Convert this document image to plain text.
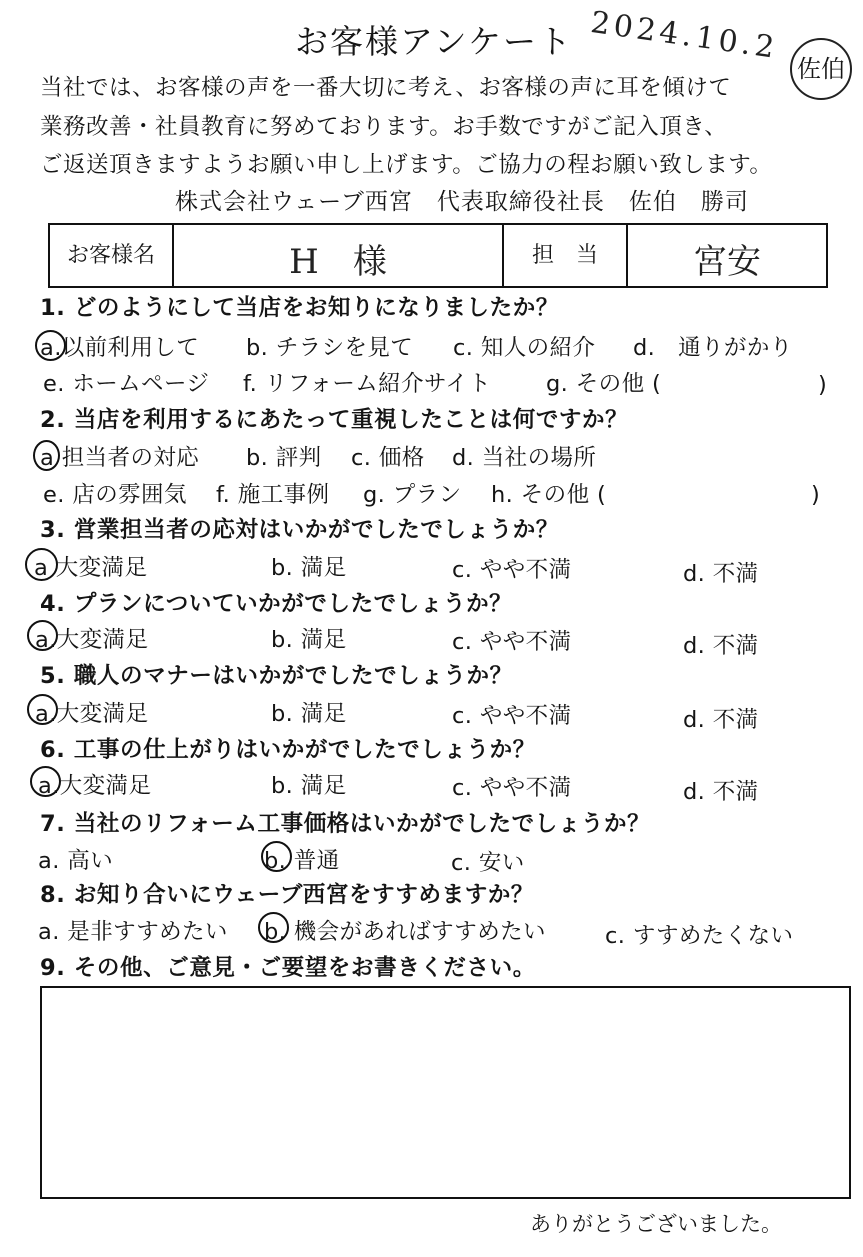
お客様アンケート 2024.10.2
佐伯
当社では、お客様の声を一番大切に考え、お客様の声に耳を傾けて
業務改善・社員教育に努めております。お手数ですがご記入頂き、
ご返送頂きますようお願い申し上げます。ご協力の程お願い致します。
株式会社ウェーブ西宮　代表取締役社長　佐伯　勝司
お客様名	H　様	担　当	宮安
1. どのようにして当店をお知りになりましたか？
a.以前利用して b. チラシを見て c. 知人の紹介 d.　通りがかり
e. ホームページ f. リフォーム紹介サイト g. その他 (	)
2. 当店を利用するにあたって重視したことは何ですか？
a 担当者の対応 b. 評判 c. 価格 d. 当社の場所
e. 店の雰囲気 f. 施工事例 g. プラン h. その他 (	)
3. 営業担当者の応対はいかがでしたでしょうか？
a 大変満足	b. 満足	c. やや不満	d. 不満
4. プランについていかがでしたでしょうか？
a.大変満足	b. 満足	c. やや不満	d. 不満
5. 職人のマナーはいかがでしたでしょうか？
a.大変満足	b. 満足	c. やや不満	d. 不満
6. 工事の仕上がりはいかがでしたでしょうか？
a.大変満足	b. 満足	c. やや不満	d. 不満
7. 当社のリフォーム工事価格はいかがでしたでしょうか？
a. 高い	b. 普通	c. 安い
8. お知り合いにウェーブ西宮をすすめますか？
a. 是非すすめたい b. 機会があればすすめたい	c. すすめたくない
9. その他、ご意見・ご要望をお書きください。
ありがとうございました。
